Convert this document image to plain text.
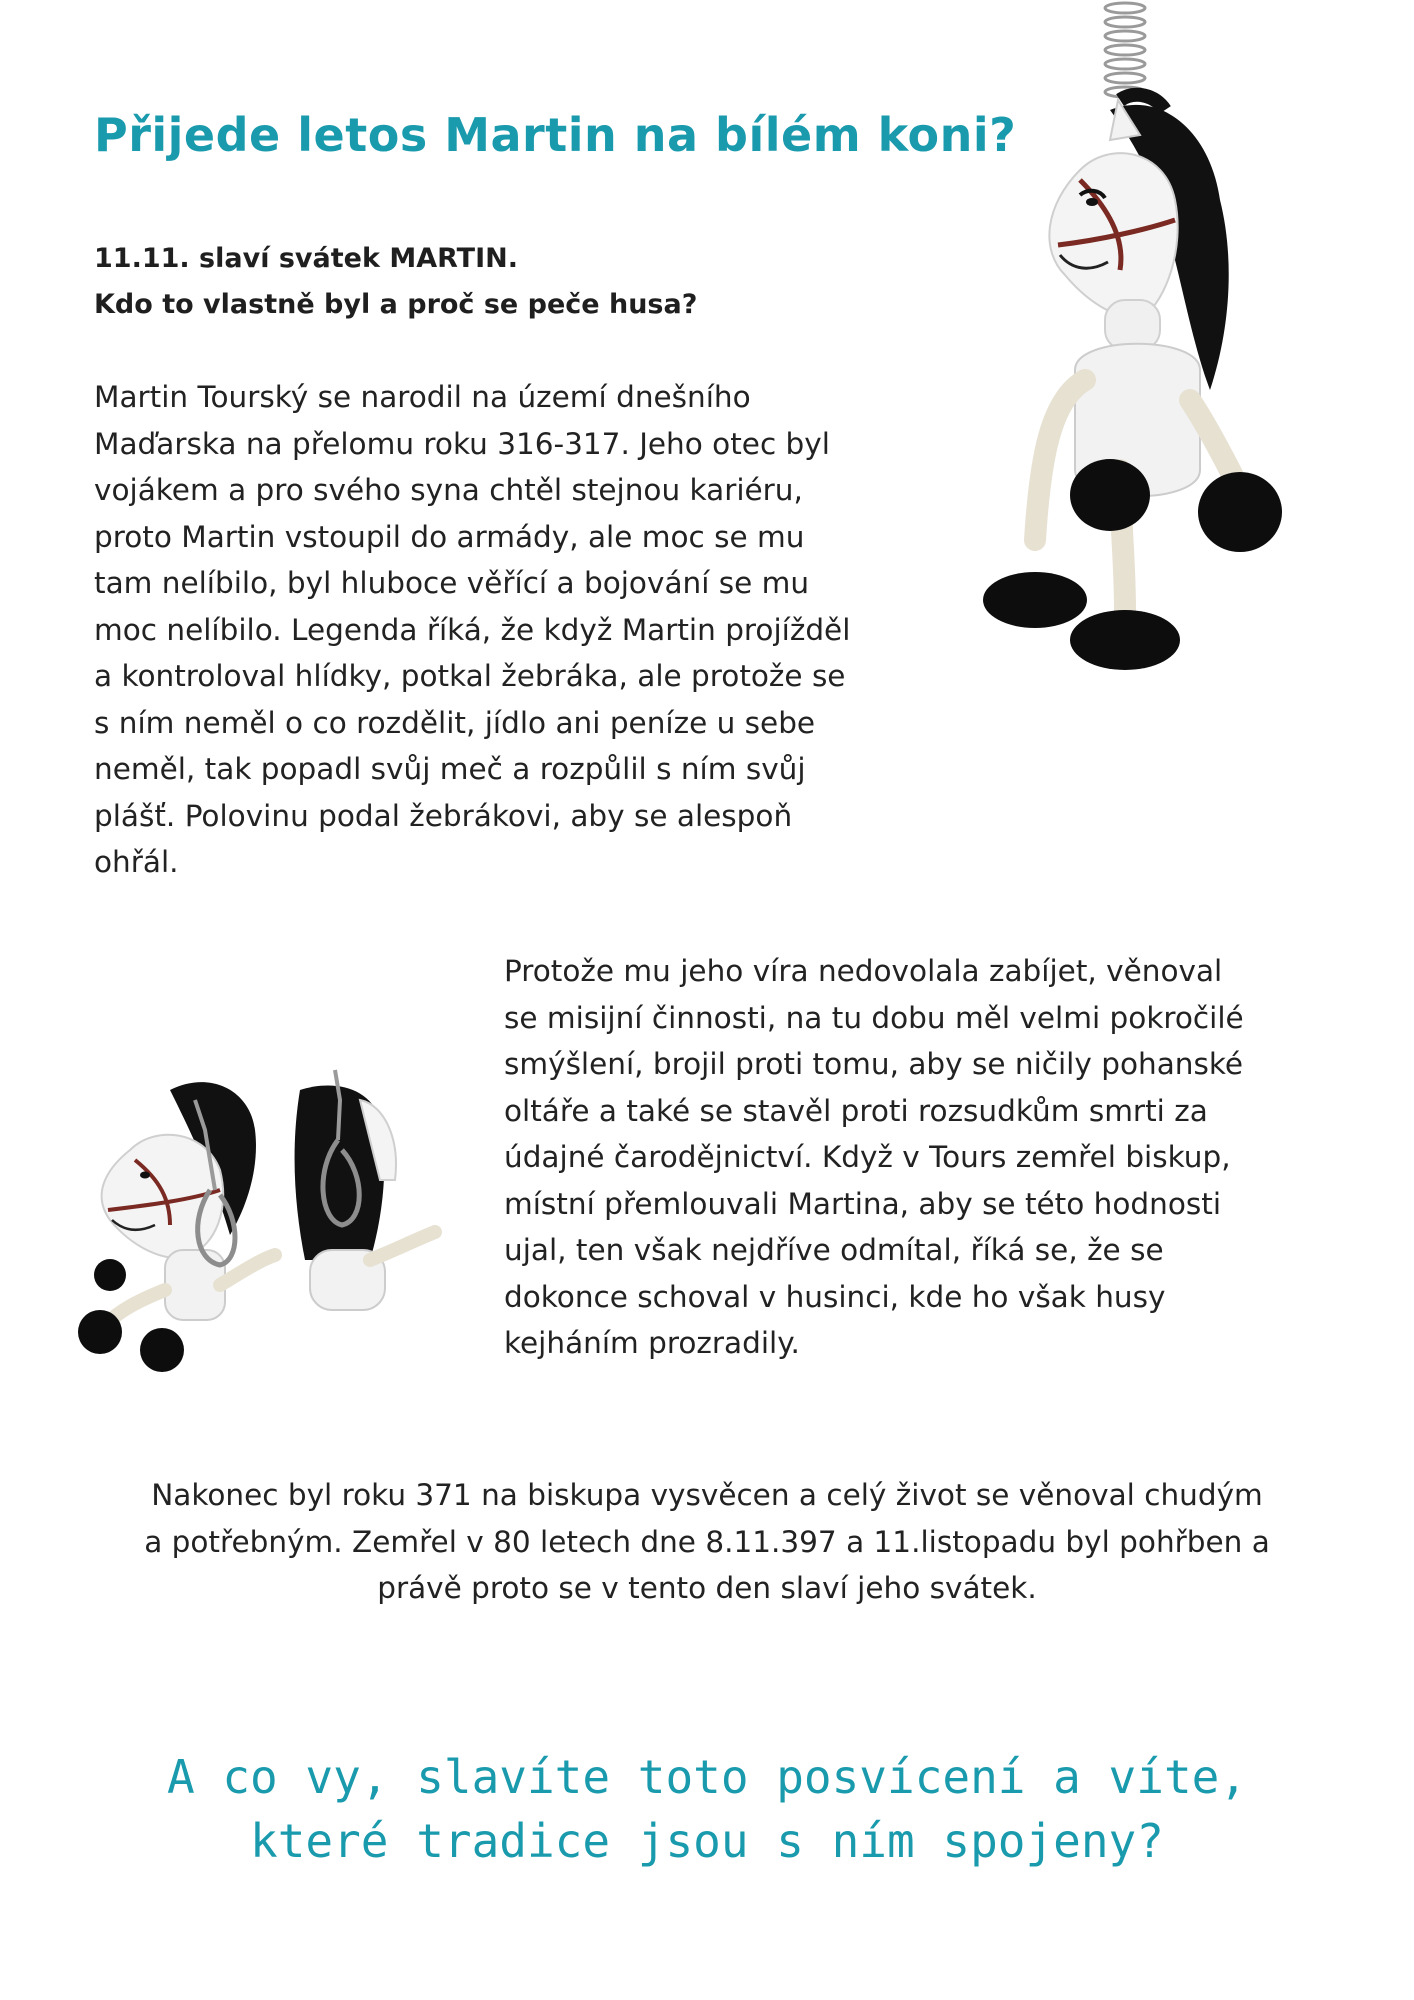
Přijede letos Martin na bílém koni?
11.11. slaví svátek MARTIN.
Kdo to vlastně byl a proč se peče husa?
Martin Tourský se narodil na území dnešního
Maďarska na přelomu roku 316-317. Jeho otec byl
vojákem a pro svého syna chtěl stejnou kariéru,
proto Martin vstoupil do armády, ale moc se mu
tam nelíbilo, byl hluboce věřící a bojování se mu
moc nelíbilo. Legenda říká, že když Martin projížděl
a kontroloval hlídky, potkal žebráka, ale protože se
s ním neměl o co rozdělit, jídlo ani peníze u sebe
neměl, tak popadl svůj meč a rozpůlil s ním svůj
plášť. Polovinu podal žebrákovi, aby se alespoň
ohřál.
Protože mu jeho víra nedovolala zabíjet, věnoval
se misijní činnosti, na tu dobu měl velmi pokročilé
smýšlení, brojil proti tomu, aby se ničily pohanské
oltáře a také se stavěl proti rozsudkům smrti za
údajné čarodějnictví. Když v Tours zemřel biskup,
místní přemlouvali Martina, aby se této hodnosti
ujal, ten však nejdříve odmítal, říká se, že se
dokonce schoval v husinci, kde ho však husy
kejháním prozradily.
Nakonec byl roku 371 na biskupa vysvěcen a celý život se věnoval chudým
a potřebným. Zemřel v 80 letech dne 8.11.397 a 11.listopadu byl pohřben a
právě proto se v tento den slaví jeho svátek.
A co vy, slavíte toto posvícení a víte,
které tradice jsou s ním spojeny?
